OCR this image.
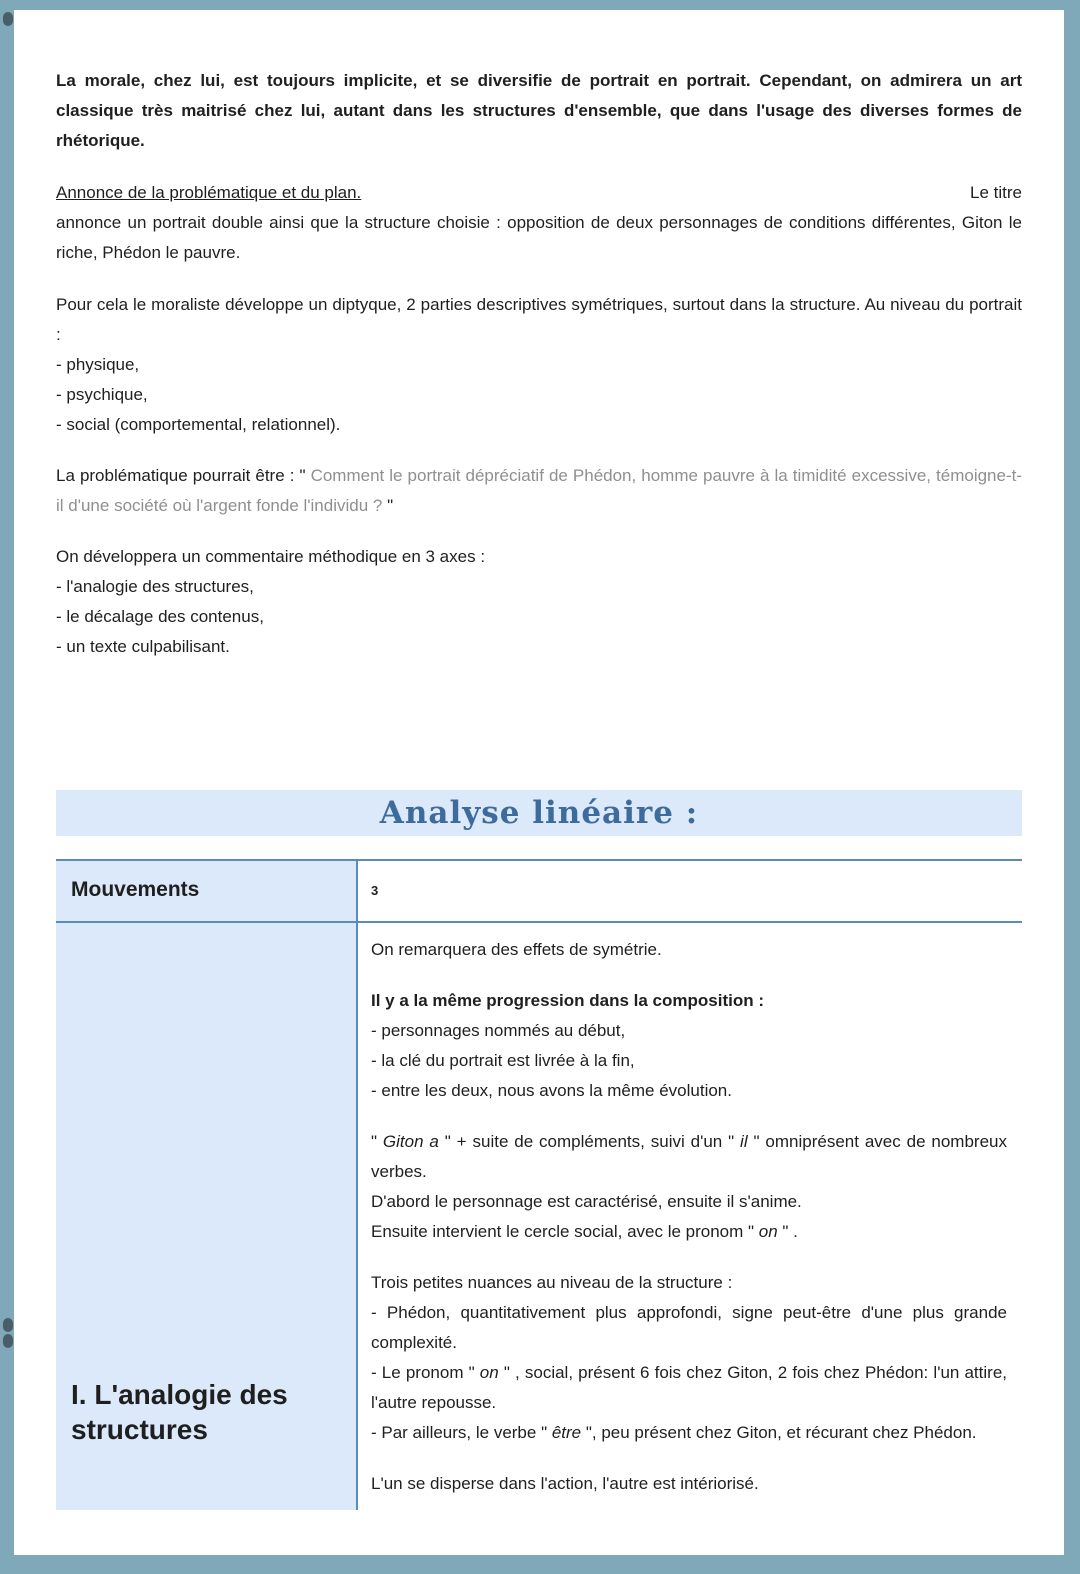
La morale, chez lui, est toujours implicite, et se diversifie de portrait en portrait. Cependant, on admirera un art classique très maitrisé chez lui, autant dans les structures d'ensemble, que dans l'usage des diverses formes de rhétorique.

Annonce de la problématique et du plan.	Le titre

annonce un portrait double ainsi que la structure choisie : opposition de deux personnages de conditions différentes, Giton le riche, Phédon le pauvre.

Pour cela le moraliste développe un diptyque, 2 parties descriptives symétriques, surtout dans la structure. Au niveau du portrait :

- physique,

- psychique,

- social (comportemental, relationnel).

La problématique pourrait être : " Comment le portrait dépréciatif de Phédon, homme pauvre à la timidité excessive, témoigne-t-il d'une société où l'argent fonde l'individu ? "

On développera un commentaire méthodique en 3 axes :

- l'analogie des structures,

- le décalage des contenus,

- un texte culpabilisant.

Analyse linéaire :
Mouvements	3
I. L'analogie des
structures

On remarquera des effets de symétrie.

Il y a la même progression dans la composition :

- personnages nommés au début,

- la clé du portrait est livrée à la fin,

- entre les deux, nous avons la même évolution.

" Giton a " + suite de compléments, suivi d'un " il " omniprésent avec de nombreux verbes.

D'abord le personnage est caractérisé, ensuite il s'anime.

Ensuite intervient le cercle social, avec le pronom " on " .

Trois petites nuances au niveau de la structure :

- Phédon, quantitativement plus approfondi, signe peut-être d'une plus grande complexité.

- Le pronom " on " , social, présent 6 fois chez Giton, 2 fois chez Phédon: l'un attire, l'autre repousse.

- Par ailleurs, le verbe " être ", peu présent chez Giton, et récurant chez Phédon.

L'un se disperse dans l'action, l'autre est intériorisé.
